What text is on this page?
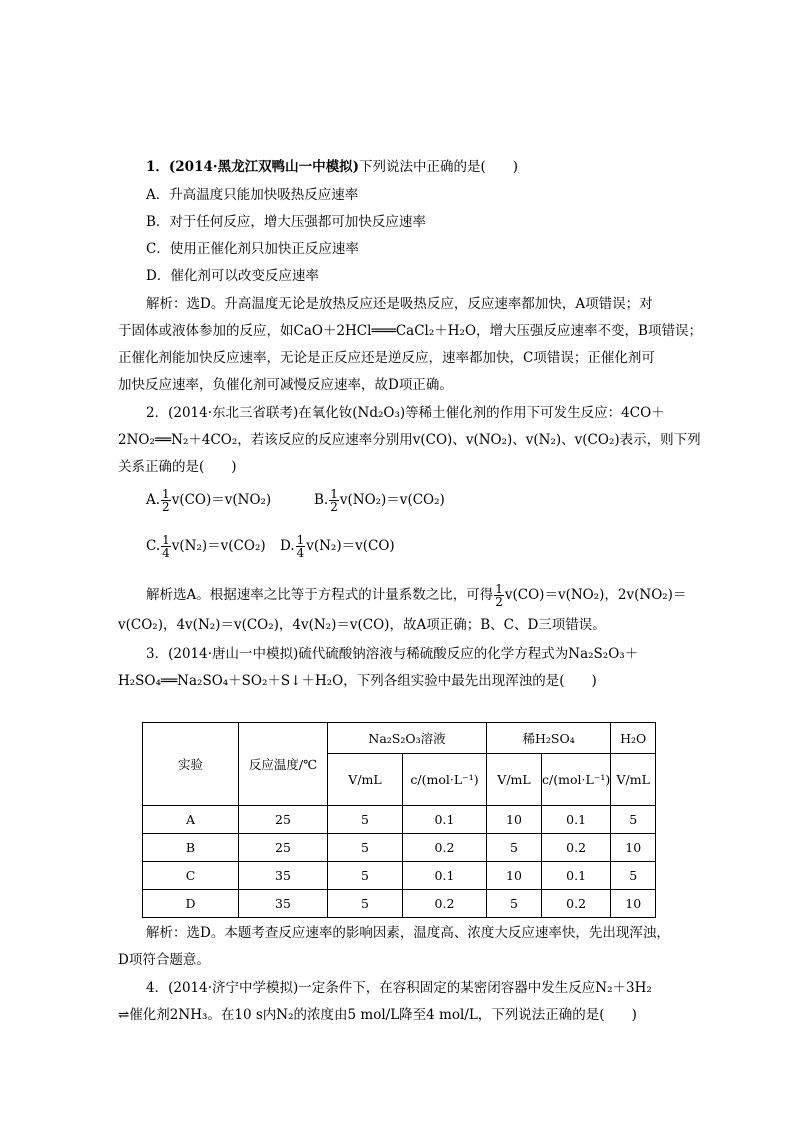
1．(2014·黑龙江双鸭山一中模拟)下列说法中正确的是(　　)
A．升高温度只能加快吸热反应速率
B．对于任何反应，增大压强都可加快反应速率
C．使用正催化剂只加快正反应速率
D．催化剂可以改变反应速率
解析：选D。升高温度无论是放热反应还是吸热反应，反应速率都加快，A项错误；对
于固体或液体参加的反应，如CaO＋2HCl═══CaCl₂＋H₂O，增大压强反应速率不变，B项错误；
正催化剂能加快反应速率，无论是正反应还是逆反应，速率都加快，C项错误；正催化剂可
加快反应速率，负催化剂可减慢反应速率，故D项正确。
2．(2014·东北三省联考)在氧化钕(Nd₂O₃)等稀土催化剂的作用下可发生反应：4CO＋
2NO₂══N₂＋4CO₂，若该反应的反应速率分别用v(CO)、v(NO₂)、v(N₂)、v(CO₂)表示，则下列
关系正确的是(　　)
A. $\frac{1}{2} v(CO)=v(NO_2)$	B. $\frac{1}{2} v(NO_2)=v(CO_2)$
C. $\frac{1}{4} v(N_2)=v(CO_2)$ D. $\frac{1}{4} v(N_2)=v(CO)$
解析选A。根据速率之比等于方程式的计量系数之比，可得 $\frac{1}{2} v(CO)=v(NO_2)$，2v(NO₂)＝
v(CO₂)，4v(N₂)＝v(CO₂)，4v(N₂)＝v(CO)，故A项正确；B、C、D三项错误。
3．(2014·唐山一中模拟)硫代硫酸钠溶液与稀硫酸反应的化学方程式为Na₂S₂O₃＋
H₂SO₄══Na₂SO₄＋SO₂＋S↓＋H₂O，下列各组实验中最先出现浑浊的是(　　)
实验	反应温度/℃	Na₂S₂O₃溶液		稀H₂SO₄		H₂O
		V/mL	c/(mol·L⁻¹)	V/mL	c/(mol·L⁻¹)	V/mL
A	25	5	0.1	10	0.1	5
B	25	5	0.2	5	0.2	10
C	35	5	0.1	10	0.1	5
D	35	5	0.2	5	0.2	10
解析：选D。本题考查反应速率的影响因素，温度高、浓度大反应速率快，先出现浑浊，
D项符合题意。
4．(2014·济宁中学模拟)一定条件下，在容积固定的某密闭容器中发生反应N₂＋3H₂
⇌催化剂2NH₃。在10 s内N₂的浓度由5 mol/L降至4 mol/L，下列说法正确的是(　　)
